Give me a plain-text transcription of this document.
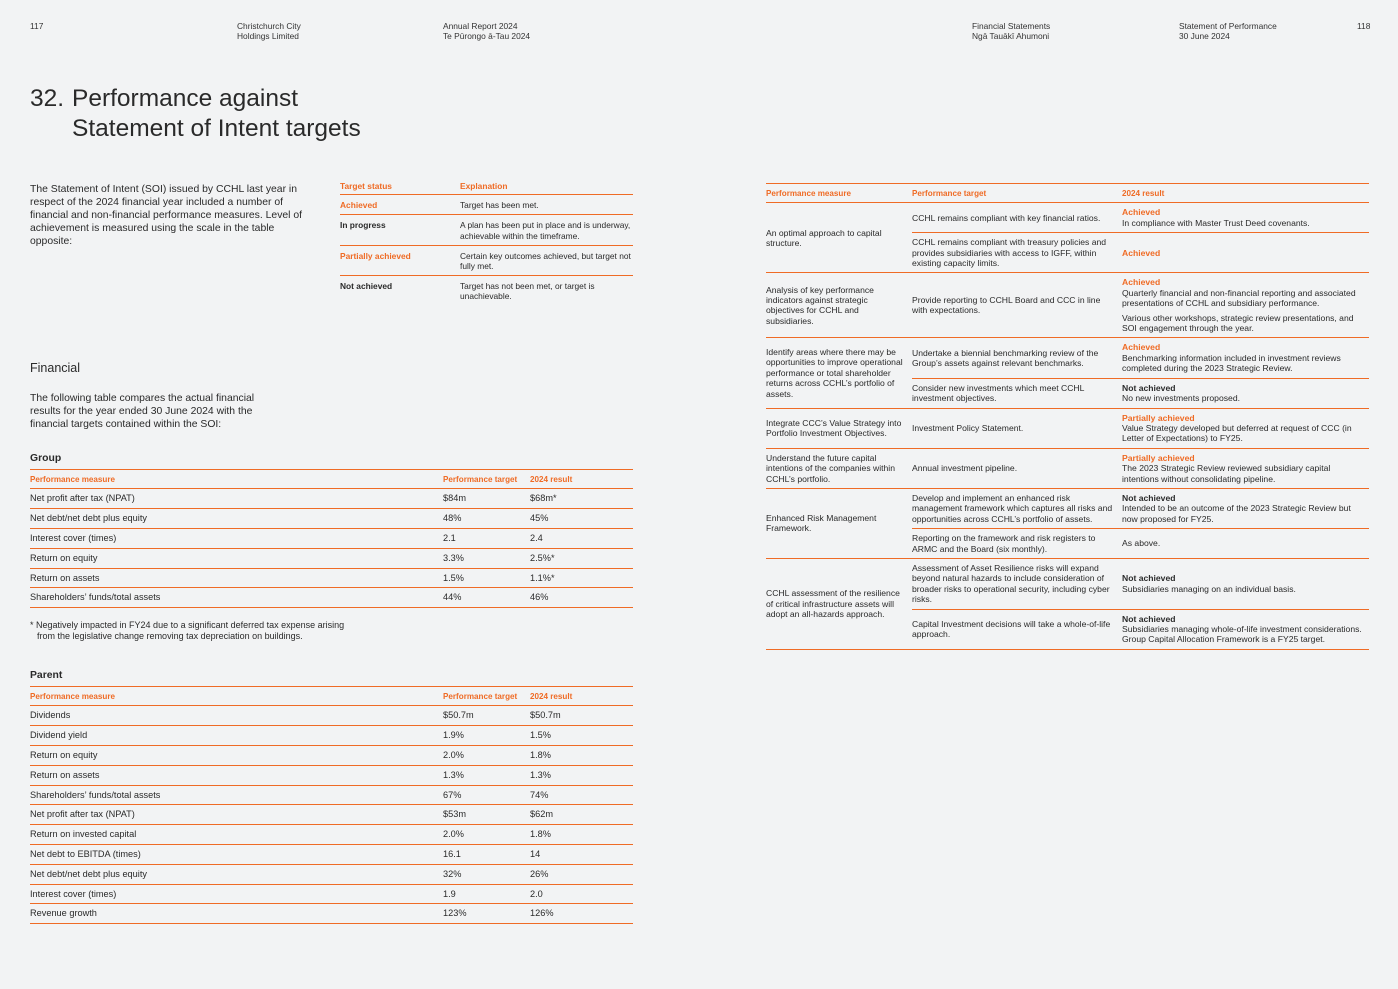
117	Christchurch City
Holdings Limited
Annual Report 2024
Te Pūrongo ā-Tau 2024
Financial Statements
Ngā Tauākī Ahumoni
Statement of Performance
30 June 2024
118
32. Performance against
Statement of Intent targets

The Statement of Intent (SOI) issued by CCHL last year in respect of the 2024 financial year included a number of financial and non-financial performance measures. Level of achievement is measured using the scale in the table opposite:

Target status	Explanation
Achieved	Target has been met.
In progress	A plan has been put in place and is underway, achievable within the timeframe.
Partially achieved	Certain key outcomes achieved, but target not fully met.
Not achieved	Target has not been met, or target is unachievable.
Financial

The following table compares the actual financial results for the year ended 30 June 2024 with the financial targets contained within the SOI:

Group
Performance measure	Performance target	2024 result
Net profit after tax (NPAT)	$84m	$68m*
Net debt/net debt plus equity	48%	45%
Interest cover (times)	2.1	2.4
Return on equity	3.3%	2.5%*
Return on assets	1.5%	1.1%*
Shareholders’ funds/total assets	44%	46%

* Negatively impacted in FY24 due to a significant deferred tax expense arising
from the legislative change removing tax depreciation on buildings.

Parent
Performance measure	Performance target	2024 result
Dividends	$50.7m	$50.7m
Dividend yield	1.9%	1.5%
Return on equity	2.0%	1.8%
Return on assets	1.3%	1.3%
Shareholders’ funds/total assets	67%	74%
Net profit after tax (NPAT)	$53m	$62m
Return on invested capital	2.0%	1.8%
Net debt to EBITDA (times)	16.1	14
Net debt/net debt plus equity	32%	26%
Interest cover (times)	1.9	2.0
Revenue growth	123%	126%
Performance measure	Performance target	2024 result
An optimal approach to capital structure.	CCHL remains compliant with key financial ratios.	Achieved
In compliance with Master Trust Deed covenants.
	CCHL remains compliant with treasury policies and provides subsidiaries with access to IGFF, within existing capacity limits.	Achieved

Analysis of key performance indicators against strategic objectives for CCHL and subsidiaries.	Provide reporting to CCHL Board and CCC in line with expectations.	Achieved
Quarterly financial and non-financial reporting and associated presentations of CCHL and subsidiary performance.
Various other workshops, strategic review presentations, and SOI engagement through the year.

Identify areas where there may be opportunities to improve operational performance or total shareholder returns across CCHL’s portfolio of assets.	Undertake a biennial benchmarking review of the Group’s assets against relevant benchmarks.	Achieved
Benchmarking information included in investment reviews completed during the 2023 Strategic Review.
	Consider new investments which meet CCHL investment objectives.	Not achieved
No new investments proposed.
Integrate CCC’s Value Strategy into Portfolio Investment Objectives.	Investment Policy Statement.	Partially achieved
Value Strategy developed but deferred at request of CCC (in Letter of Expectations) to FY25.
Understand the future capital intentions of the companies within CCHL’s portfolio.	Annual investment pipeline.	Partially achieved
The 2023 Strategic Review reviewed subsidiary capital intentions without consolidating pipeline.
Enhanced Risk Management Framework.	Develop and implement an enhanced risk management framework which captures all risks and opportunities across CCHL’s portfolio of assets.	Not achieved
Intended to be an outcome of the 2023 Strategic Review but now proposed for FY25.
	Reporting on the framework and risk registers to ARMC and the Board (six monthly).	As above.
CCHL assessment of the resilience of critical infrastructure assets will adopt an all-hazards approach.	Assessment of Asset Resilience risks will expand beyond natural hazards to include consideration of broader risks to operational security, including cyber risks.	Not achieved
Subsidiaries managing on an individual basis.
	Capital Investment decisions will take a whole-of-life approach.	Not achieved
Subsidiaries managing whole-of-life investment considerations. Group Capital Allocation Framework is a FY25 target.
